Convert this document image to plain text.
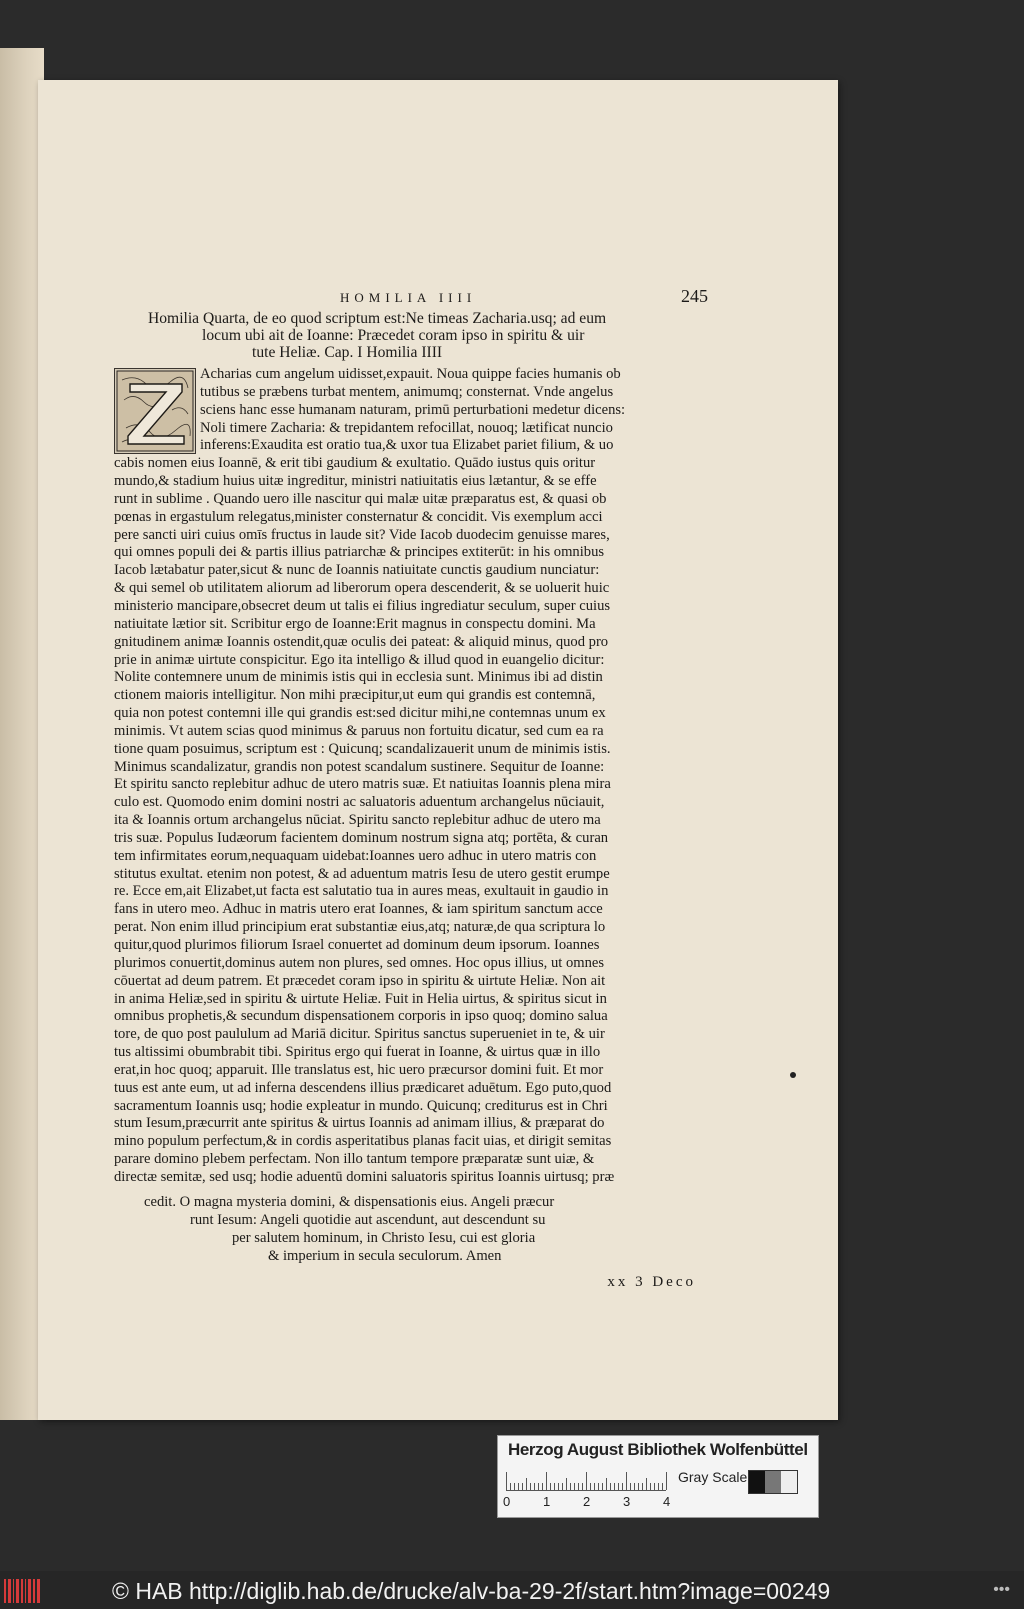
HOMILIA IIII	245
Homilia Quarta, de eo quod scriptum est:Ne timeas Zacharia.usq; ad eum
locum ubi ait de Ioanne: Præcedet coram ipso in spiritu & uir
tute Heliæ. Cap. I Homilia IIII
Acharias cum angelum uidisset,expauit. Noua quippe facies humanis ob
tutibus se præbens turbat mentem, animumq; consternat. Vnde angelus
sciens hanc esse humanam naturam, primū perturbationi medetur dicens:
Noli timere Zacharia: & trepidantem refocillat, nouoq; lætificat nuncio
inferens:Exaudita est oratio tua,& uxor tua Elizabet pariet filium, & uo
cabis nomen eius Ioannē, & erit tibi gaudium & exultatio. Quādo iustus quis oritur
mundo,& stadium huius uitæ ingreditur, ministri natiuitatis eius lætantur, & se effe
runt in sublime . Quando uero ille nascitur qui malæ uitæ præparatus est, & quasi ob
pœnas in ergastulum relegatus,minister consternatur & concidit. Vis exemplum acci
pere sancti uiri cuius omīs fructus in laude sit? Vide Iacob duodecim genuisse mares,
qui omnes populi dei & partis illius patriarchæ & principes extiterūt: in his omnibus
Iacob lætabatur pater,sicut & nunc de Ioannis natiuitate cunctis gaudium nunciatur:
& qui semel ob utilitatem aliorum ad liberorum opera descenderit, & se uoluerit huic
ministerio mancipare,obsecret deum ut talis ei filius ingrediatur seculum, super cuius
natiuitate lætior sit. Scribitur ergo de Ioanne:Erit magnus in conspectu domini. Ma
gnitudinem animæ Ioannis ostendit,quæ oculis dei pateat: & aliquid minus, quod pro
prie in animæ uirtute conspicitur. Ego ita intelligo & illud quod in euangelio dicitur:
Nolite contemnere unum de minimis istis qui in ecclesia sunt. Minimus ibi ad distin
ctionem maioris intelligitur. Non mihi præcipitur,ut eum qui grandis est contemnā,
quia non potest contemni ille qui grandis est:sed dicitur mihi,ne contemnas unum ex
minimis. Vt autem scias quod minimus & paruus non fortuitu dicatur, sed cum ea ra
tione quam posuimus, scriptum est : Quicunq; scandalizauerit unum de minimis istis.
Minimus scandalizatur, grandis non potest scandalum sustinere. Sequitur de Ioanne:
Et spiritu sancto replebitur adhuc de utero matris suæ. Et natiuitas Ioannis plena mira
culo est. Quomodo enim domini nostri ac saluatoris aduentum archangelus nūciauit,
ita & Ioannis ortum archangelus nūciat. Spiritu sancto replebitur adhuc de utero ma
tris suæ. Populus Iudæorum facientem dominum nostrum signa atq; portēta, & curan
tem infirmitates eorum,nequaquam uidebat:Ioannes uero adhuc in utero matris con
stitutus exultat. etenim non potest, & ad aduentum matris Iesu de utero gestit erumpe
re. Ecce em,ait Elizabet,ut facta est salutatio tua in aures meas, exultauit in gaudio in
fans in utero meo. Adhuc in matris utero erat Ioannes, & iam spiritum sanctum acce
perat. Non enim illud principium erat substantiæ eius,atq; naturæ,de qua scriptura lo
quitur,quod plurimos filiorum Israel conuertet ad dominum deum ipsorum. Ioannes
plurimos conuertit,dominus autem non plures, sed omnes. Hoc opus illius, ut omnes
cōuertat ad deum patrem. Et præcedet coram ipso in spiritu & uirtute Heliæ. Non ait
in anima Heliæ,sed in spiritu & uirtute Heliæ. Fuit in Helia uirtus, & spiritus sicut in
omnibus prophetis,& secundum dispensationem corporis in ipso quoq; domino salua
tore, de quo post paululum ad Mariā dicitur. Spiritus sanctus superueniet in te, & uir
tus altissimi obumbrabit tibi. Spiritus ergo qui fuerat in Ioanne, & uirtus quæ in illo
erat,in hoc quoq; apparuit. Ille translatus est, hic uero præcursor domini fuit. Et mor
tuus est ante eum, ut ad inferna descendens illius prædicaret aduētum. Ego puto,quod
sacramentum Ioannis usq; hodie expleatur in mundo. Quicunq; crediturus est in Chri
stum Iesum,præcurrit ante spiritus & uirtus Ioannis ad animam illius, & præparat do
mino populum perfectum,& in cordis asperitatibus planas facit uias, et dirigit semitas
parare domino plebem perfectam. Non illo tantum tempore præparatæ sunt uiæ, &
directæ semitæ, sed usq; hodie aduentū domini saluatoris spiritus Ioannis uirtusq; præ
cedit. O magna mysteria domini, & dispensationis eius. Angeli præcur
runt Iesum: Angeli quotidie aut ascendunt, aut descendunt su
per salutem hominum, in Christo Iesu, cui est gloria
& imperium in secula seculorum. Amen
xx 3 Deco
Herzog August Bibliothek Wolfenbüttel
0	1	2	3	4
Gray Scale
© HAB http://diglib.hab.de/drucke/alv-ba-29-2f/start.htm?image=00249	•••
